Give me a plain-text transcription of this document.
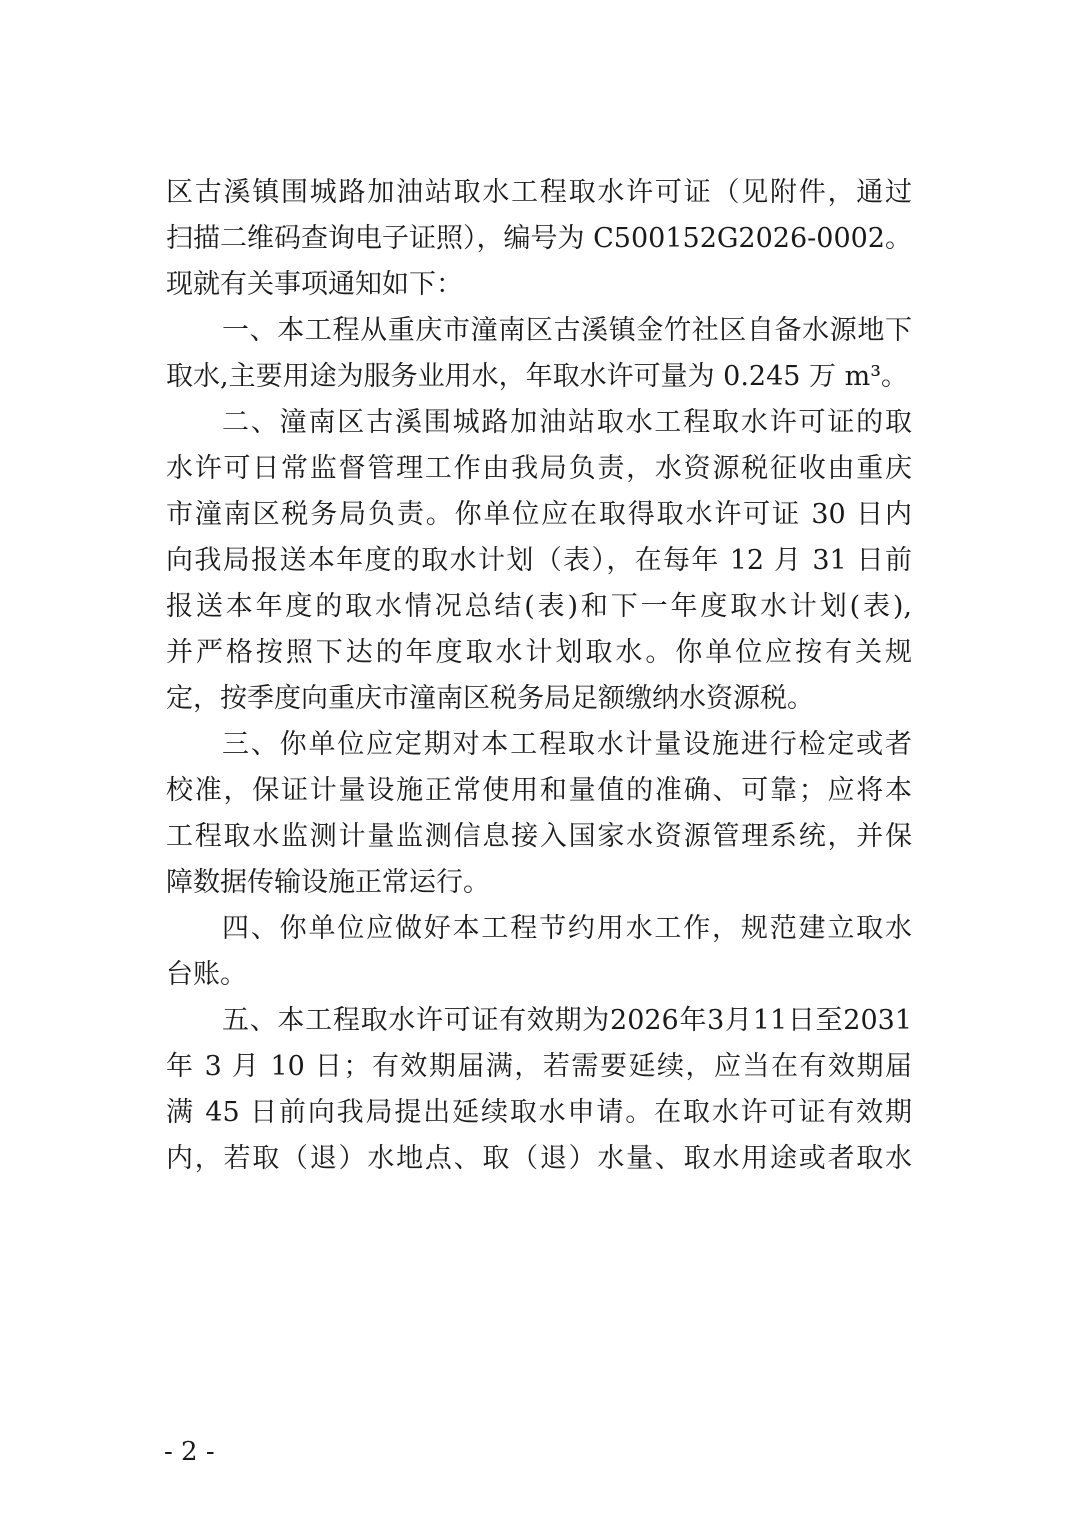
区古溪镇围城路加油站取水工程取水许可证（见附件，通过
扫描二维码查询电子证照），编号为 C500152G2026-0002。
现就有关事项通知如下：
一、本工程从重庆市潼南区古溪镇金竹社区自备水源地下
取水,主要用途为服务业用水，年取水许可量为 0.245 万 m³。
二、潼南区古溪围城路加油站取水工程取水许可证的取
水许可日常监督管理工作由我局负责，水资源税征收由重庆
市潼南区税务局负责。你单位应在取得取水许可证 30 日内
向我局报送本年度的取水计划（表），在每年 12 月 31 日前
报送本年度的取水情况总结(表)和下一年度取水计划(表),
并严格按照下达的年度取水计划取水。你单位应按有关规
定，按季度向重庆市潼南区税务局足额缴纳水资源税。
三、你单位应定期对本工程取水计量设施进行检定或者
校准，保证计量设施正常使用和量值的准确、可靠；应将本
工程取水监测计量监测信息接入国家水资源管理系统，并保
障数据传输设施正常运行。
四、你单位应做好本工程节约用水工作，规范建立取水
台账。
五、本工程取水许可证有效期为2026年3月11日至2031
年 3 月 10 日；有效期届满，若需要延续，应当在有效期届
满 45 日前向我局提出延续取水申请。在取水许可证有效期
内，若取（退）水地点、取（退）水量、取水用途或者取水
- 2 -
